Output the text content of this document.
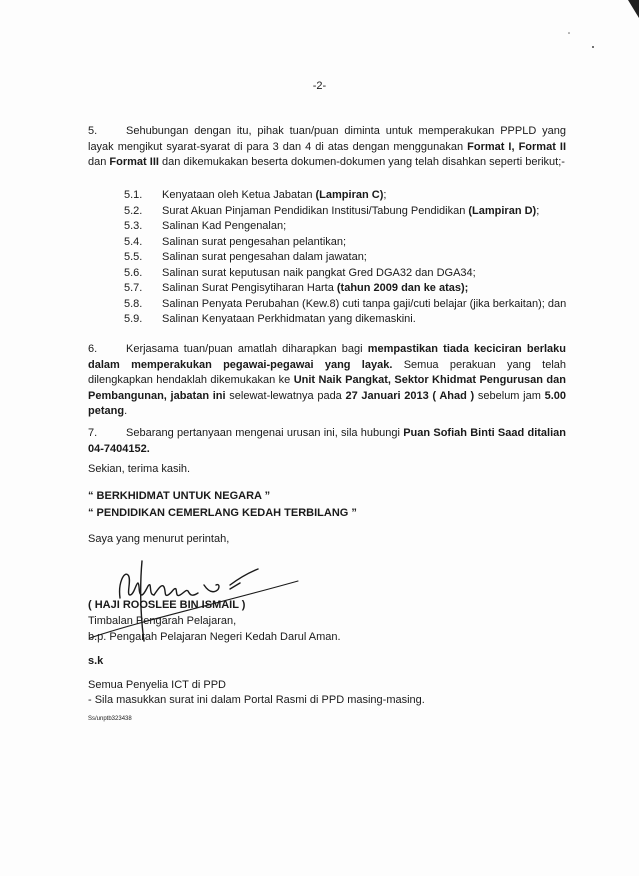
-2-
5.	Sehubungan dengan itu, pihak tuan/puan diminta untuk memperakukan PPPLD yang layak mengikut syarat-syarat di para 3 dan 4 di atas dengan menggunakan Format I, Format II dan Format III dan dikemukakan beserta dokumen-dokumen yang telah disahkan seperti berikut;-
5.1.	Kenyataan oleh Ketua Jabatan (Lampiran C);
5.2.	Surat Akuan Pinjaman Pendidikan Institusi/Tabung Pendidikan (Lampiran D);
5.3.	Salinan Kad Pengenalan;
5.4.	Salinan surat pengesahan pelantikan;
5.5.	Salinan surat pengesahan dalam jawatan;
5.6.	Salinan surat keputusan naik pangkat Gred DGA32 dan DGA34;
5.7.	Salinan Surat Pengisytiharan Harta (tahun 2009 dan ke atas);
5.8.	Salinan Penyata Perubahan (Kew.8) cuti tanpa gaji/cuti belajar (jika berkaitan); dan
5.9.	Salinan Kenyataan Perkhidmatan yang dikemaskini.
6.	Kerjasama tuan/puan amatlah diharapkan bagi mempastikan tiada keciciran berlaku dalam memperakukan pegawai-pegawai yang layak. Semua perakuan yang telah dilengkapkan hendaklah dikemukakan ke Unit Naik Pangkat, Sektor Khidmat Pengurusan dan Pembangunan, jabatan ini selewat-lewatnya pada 27 Januari 2013 ( Ahad ) sebelum jam 5.00 petang.
7.	Sebarang pertanyaan mengenai urusan ini, sila hubungi Puan Sofiah Binti Saad ditalian 04-7404152.
Sekian, terima kasih.
“ BERKHIDMAT UNTUK NEGARA ”
“ PENDIDIKAN CEMERLANG KEDAH TERBILANG ”
Saya yang menurut perintah,
( HAJI ROOSLEE BIN ISMAIL )
Timbalan Pengarah Pelajaran,
b.p. Pengarah Pelajaran Negeri Kedah Darul Aman.
s.k
Semua Penyelia ICT di PPD
- Sila masukkan surat ini dalam Portal Rasmi di PPD masing-masing.
Ss/unptb323438
